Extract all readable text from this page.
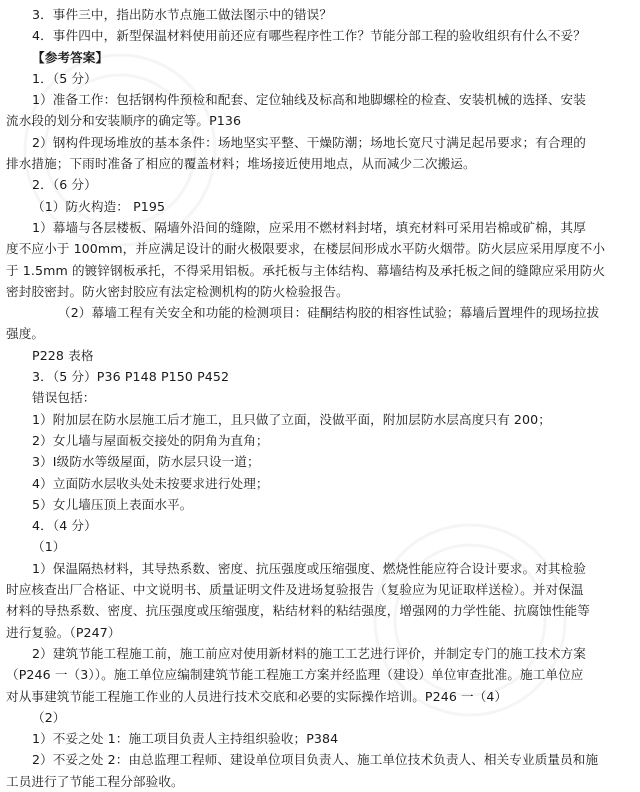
3．事件三中，指出防水节点施工做法图示中的错误？

4．事件四中，新型保温材料使用前还应有哪些程序性工作？节能分部工程的验收组织有什么不妥？

【参考答案】

1．（5 分）

1）准备工作：包括钢构件预检和配套、定位轴线及标高和地脚螺栓的检查、安装机械的选择、安装

流水段的划分和安装顺序的确定等。P136

2）钢构件现场堆放的基本条件：场地坚实平整、干燥防潮；场地长宽尺寸满足起吊要求；有合理的

排水措施；下雨时准备了相应的覆盖材料；堆场接近使用地点，从而减少二次搬运。

2．（6 分）

（1）防火构造： P195

1）幕墙与各层楼板、隔墙外沿间的缝隙，应采用不燃材料封堵，填充材料可采用岩棉或矿棉，其厚

度不应小于 100mm，并应满足设计的耐火极限要求，在楼层间形成水平防火烟带。防火层应采用厚度不小

于 1.5mm 的镀锌钢板承托，不得采用铝板。承托板与主体结构、幕墙结构及承托板之间的缝隙应采用防火

密封胶密封。防火密封胶应有法定检测机构的防火检验报告。

（2）幕墙工程有关安全和功能的检测项目：硅酮结构胶的相容性试验；幕墙后置埋件的现场拉拔

强度。

P228 表格

3．（5 分）P36 P148 P150 P452

错误包括：

1）附加层在防水层施工后才施工，且只做了立面，没做平面，附加层防水层高度只有 200；

2）女儿墙与屋面板交接处的阴角为直角；

3）Ⅰ级防水等级屋面，防水层只设一道；

4）立面防水层收头处未按要求进行处理；

5）女儿墙压顶上表面水平。

4．（4 分）

（1）

1）保温隔热材料，其导热系数、密度、抗压强度或压缩强度、燃烧性能应符合设计要求。对其检验

时应核查出厂合格证、中文说明书、质量证明文件及进场复验报告（复验应为见证取样送检）。并对保温

材料的导热系数、密度、抗压强度或压缩强度，粘结材料的粘结强度，增强网的力学性能、抗腐蚀性能等

进行复验。（P247）

2）建筑节能工程施工前，施工前应对使用新材料的施工工艺进行评价，并制定专门的施工技术方案

（P246 一（3））。施工单位应编制建筑节能工程施工方案并经监理（建设）单位审查批准。施工单位应

对从事建筑节能工程施工作业的人员进行技术交底和必要的实际操作培训。P246 一（4）

（2）

1）不妥之处 1：施工项目负责人主持组织验收；P384

2）不妥之处 2：由总监理工程师、建设单位项目负责人、施工单位技术负责人、相关专业质量员和施

工员进行了节能工程分部验收。
